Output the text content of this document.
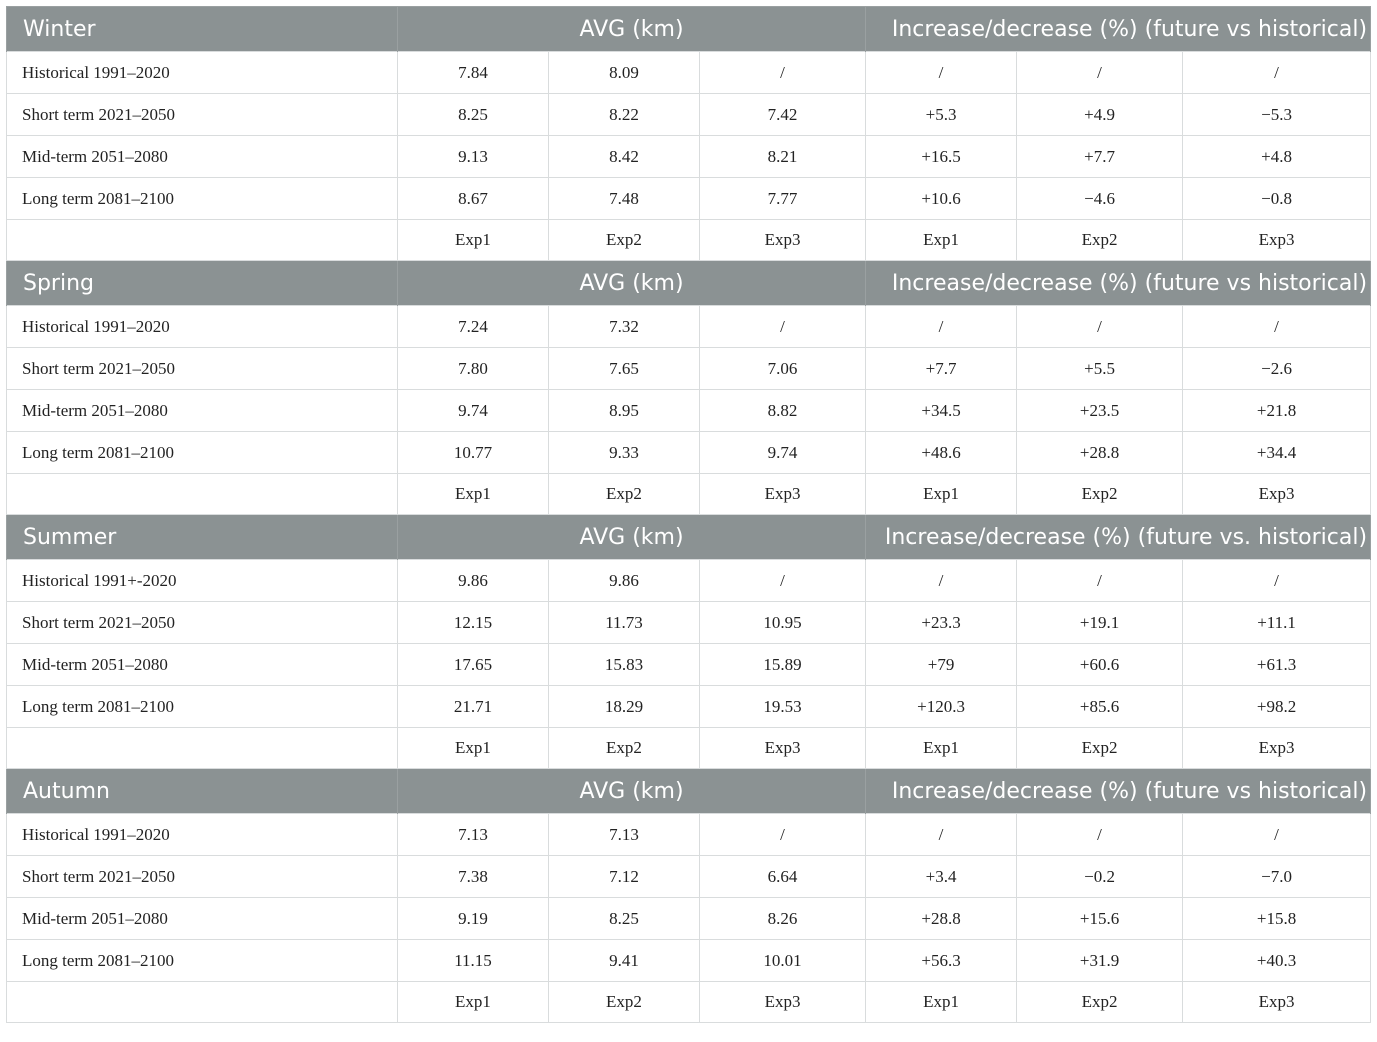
Winter	AVG (km)			Increase/decrease (%) (future vs historical)		
Historical 1991–2020	7.84	8.09	/	/	/	/
Short term 2021–2050	8.25	8.22	7.42	+5.3	+4.9	−5.3
Mid-term 2051–2080	9.13	8.42	8.21	+16.5	+7.7	+4.8
Long term 2081–2100	8.67	7.48	7.77	+10.6	−4.6	−0.8
	Exp1	Exp2	Exp3	Exp1	Exp2	Exp3
Spring	AVG (km)			Increase/decrease (%) (future vs historical)		
Historical 1991–2020	7.24	7.32	/	/	/	/
Short term 2021–2050	7.80	7.65	7.06	+7.7	+5.5	−2.6
Mid-term 2051–2080	9.74	8.95	8.82	+34.5	+23.5	+21.8
Long term 2081–2100	10.77	9.33	9.74	+48.6	+28.8	+34.4
	Exp1	Exp2	Exp3	Exp1	Exp2	Exp3
Summer	AVG (km)			Increase/decrease (%) (future vs. historical)		
Historical 1991+-2020	9.86	9.86	/	/	/	/
Short term 2021–2050	12.15	11.73	10.95	+23.3	+19.1	+11.1
Mid-term 2051–2080	17.65	15.83	15.89	+79	+60.6	+61.3
Long term 2081–2100	21.71	18.29	19.53	+120.3	+85.6	+98.2
	Exp1	Exp2	Exp3	Exp1	Exp2	Exp3
Autumn	AVG (km)			Increase/decrease (%) (future vs historical)		
Historical 1991–2020	7.13	7.13	/	/	/	/
Short term 2021–2050	7.38	7.12	6.64	+3.4	−0.2	−7.0
Mid-term 2051–2080	9.19	8.25	8.26	+28.8	+15.6	+15.8
Long term 2081–2100	11.15	9.41	10.01	+56.3	+31.9	+40.3
	Exp1	Exp2	Exp3	Exp1	Exp2	Exp3
